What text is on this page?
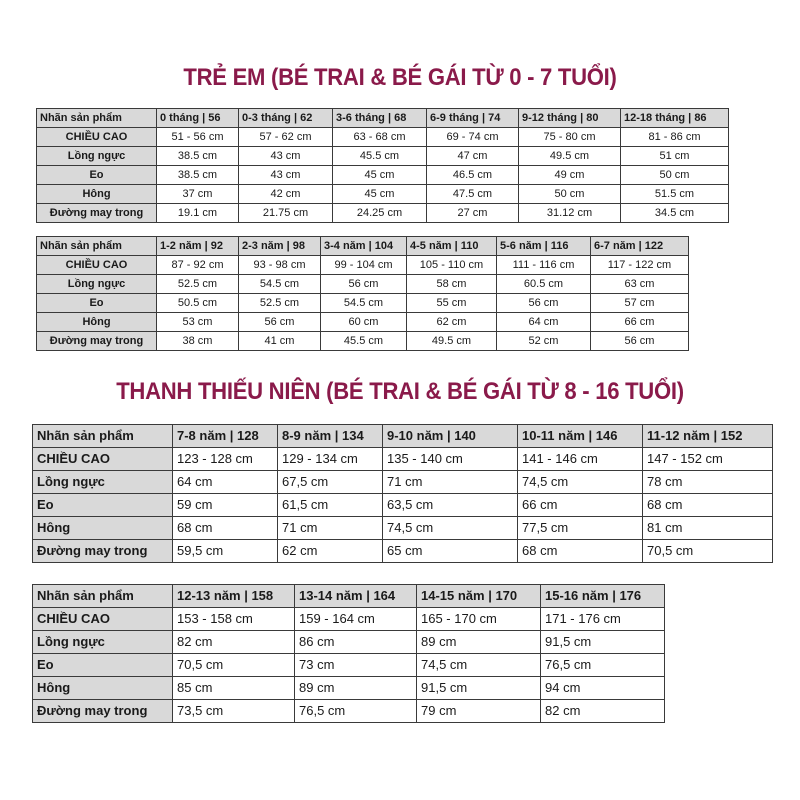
TRẺ EM (BÉ TRAI & BÉ GÁI TỪ 0 - 7 TUỔI)
Nhãn sản phẩm	0 tháng | 56	0-3 tháng | 62	3-6 tháng | 68	6-9 tháng | 74	9-12 tháng | 80	12-18 tháng | 86
CHIỀU CAO	51 - 56 cm	57 - 62 cm	63 - 68 cm	69 - 74 cm	75 - 80 cm	81 - 86 cm
Lồng ngực	38.5 cm	43 cm	45.5 cm	47 cm	49.5 cm	51 cm
Eo	38.5 cm	43 cm	45 cm	46.5 cm	49 cm	50 cm
Hông	37 cm	42 cm	45 cm	47.5 cm	50 cm	51.5 cm
Đường may trong	19.1 cm	21.75 cm	24.25 cm	27 cm	31.12 cm	34.5 cm
Nhãn sản phẩm	1-2 năm | 92	2-3 năm | 98	3-4 năm | 104	4-5 năm | 110	5-6 năm | 116	6-7 năm | 122
CHIỀU CAO	87 - 92 cm	93 - 98 cm	99 - 104 cm	105 - 110 cm	111 - 116 cm	117 - 122 cm
Lồng ngực	52.5 cm	54.5 cm	56 cm	58 cm	60.5 cm	63 cm
Eo	50.5 cm	52.5 cm	54.5 cm	55 cm	56 cm	57 cm
Hông	53 cm	56 cm	60 cm	62 cm	64 cm	66 cm
Đường may trong	38 cm	41 cm	45.5 cm	49.5 cm	52 cm	56 cm
THANH THIẾU NIÊN (BÉ TRAI & BÉ GÁI TỪ 8 - 16 TUỔI)
Nhãn sản phẩm	7-8 năm | 128	8-9 năm | 134	9-10 năm | 140	10-11 năm | 146	11-12 năm | 152
CHIỀU CAO	123 - 128 cm	129 - 134 cm	135 - 140 cm	141 - 146 cm	147 - 152 cm
Lồng ngực	64 cm	67,5 cm	71 cm	74,5 cm	78 cm
Eo	59 cm	61,5 cm	63,5 cm	66 cm	68 cm
Hông	68 cm	71 cm	74,5 cm	77,5 cm	81 cm
Đường may trong	59,5 cm	62 cm	65 cm	68 cm	70,5 cm
Nhãn sản phẩm	12-13 năm | 158	13-14 năm | 164	14-15 năm | 170	15-16 năm | 176
CHIỀU CAO	153 - 158 cm	159 - 164 cm	165 - 170 cm	171 - 176 cm
Lồng ngực	82 cm	86 cm	89 cm	91,5 cm
Eo	70,5 cm	73 cm	74,5 cm	76,5 cm
Hông	85 cm	89 cm	91,5 cm	94 cm
Đường may trong	73,5 cm	76,5 cm	79 cm	82 cm
